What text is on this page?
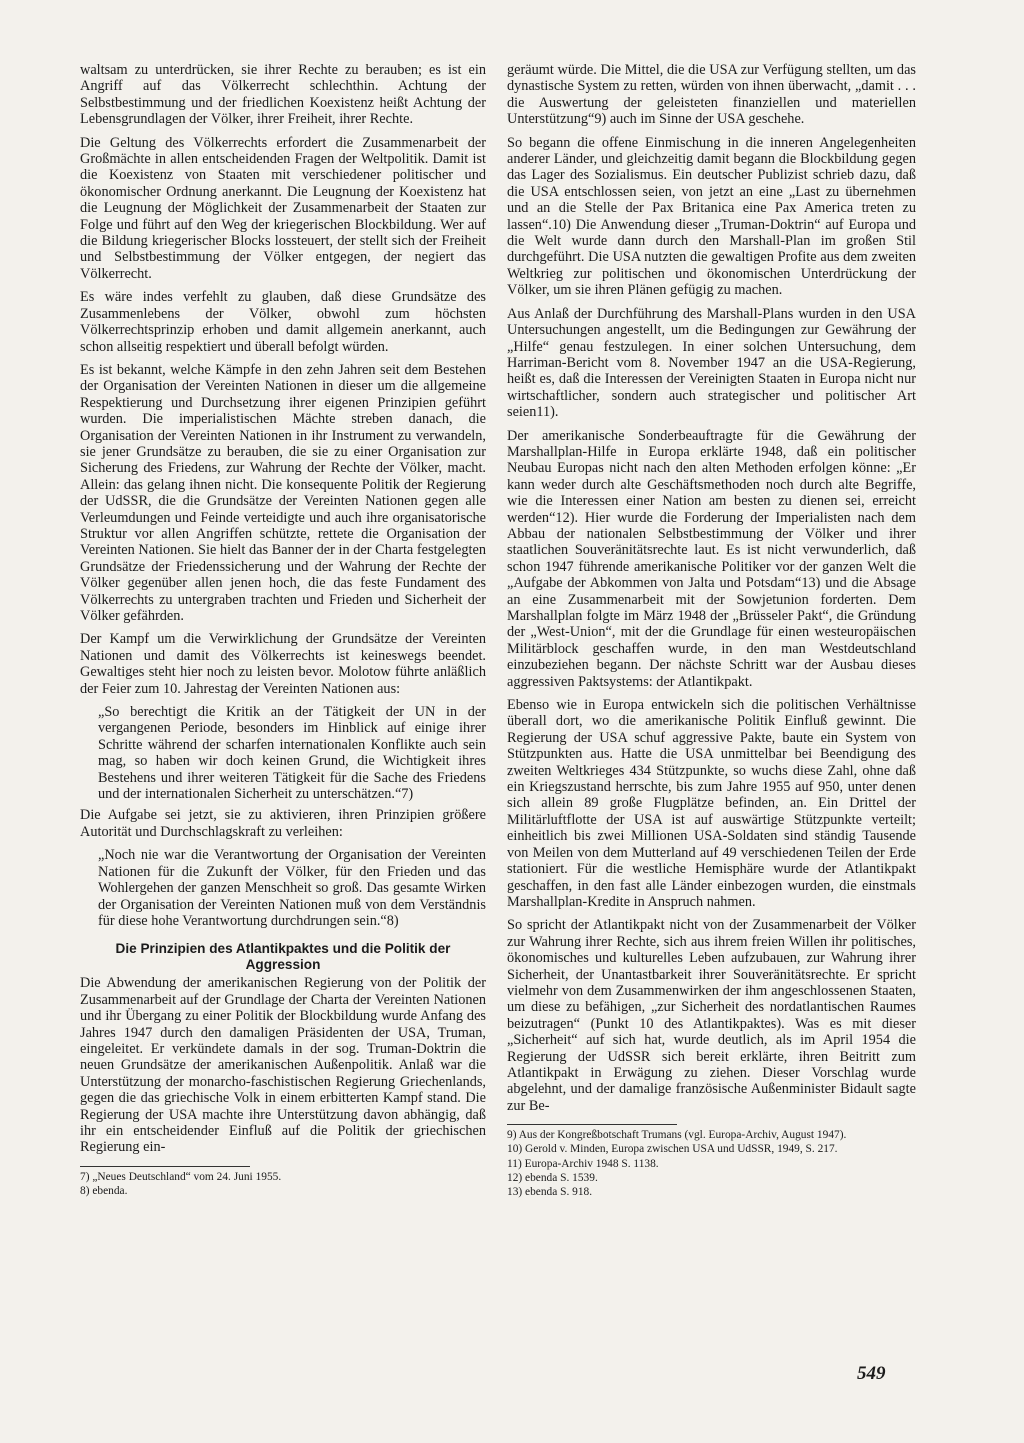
waltsam zu unterdrücken, sie ihrer Rechte zu berauben; es ist ein Angriff auf das Völkerrecht schlechthin. Achtung der Selbstbestimmung und der friedlichen Koexistenz heißt Achtung der Lebensgrundlagen der Völker, ihrer Freiheit, ihrer Rechte.

Die Geltung des Völkerrechts erfordert die Zusammenarbeit der Großmächte in allen entscheidenden Fragen der Weltpolitik. Damit ist die Koexistenz von Staaten mit verschiedener politischer und ökonomischer Ordnung anerkannt. Die Leugnung der Koexistenz hat die Leugnung der Möglichkeit der Zusammenarbeit der Staaten zur Folge und führt auf den Weg der kriegerischen Blockbildung. Wer auf die Bildung kriegerischer Blocks lossteuert, der stellt sich der Freiheit und Selbstbestimmung der Völker entgegen, der negiert das Völkerrecht.

Es wäre indes verfehlt zu glauben, daß diese Grundsätze des Zusammenlebens der Völker, obwohl zum höchsten Völkerrechtsprinzip erhoben und damit allgemein anerkannt, auch schon allseitig respektiert und überall befolgt würden.

Es ist bekannt, welche Kämpfe in den zehn Jahren seit dem Bestehen der Organisation der Vereinten Nationen in dieser um die allgemeine Respektierung und Durchsetzung ihrer eigenen Prinzipien geführt wurden. Die imperialistischen Mächte streben danach, die Organisation der Vereinten Nationen in ihr Instrument zu verwandeln, sie jener Grundsätze zu berauben, die sie zu einer Organisation zur Sicherung des Friedens, zur Wahrung der Rechte der Völker, macht. Allein: das gelang ihnen nicht. Die konsequente Politik der Regierung der UdSSR, die die Grundsätze der Vereinten Nationen gegen alle Verleumdungen und Feinde verteidigte und auch ihre organisatorische Struktur vor allen Angriffen schützte, rettete die Organisation der Vereinten Nationen. Sie hielt das Banner der in der Charta festgelegten Grundsätze der Friedenssicherung und der Wahrung der Rechte der Völker gegenüber allen jenen hoch, die das feste Fundament des Völkerrechts zu untergraben trachten und Frieden und Sicherheit der Völker gefährden.

Der Kampf um die Verwirklichung der Grundsätze der Vereinten Nationen und damit des Völkerrechts ist keineswegs beendet. Gewaltiges steht hier noch zu leisten bevor. Molotow führte anläßlich der Feier zum 10. Jahrestag der Vereinten Nationen aus:

„So berechtigt die Kritik an der Tätigkeit der UN in der vergangenen Periode, besonders im Hinblick auf einige ihrer Schritte während der scharfen internationalen Konflikte auch sein mag, so haben wir doch keinen Grund, die Wichtigkeit ihres Bestehens und ihrer weiteren Tätigkeit für die Sache des Friedens und der internationalen Sicherheit zu unterschätzen.“7)

Die Aufgabe sei jetzt, sie zu aktivieren, ihren Prinzipien größere Autorität und Durchschlagskraft zu verleihen:

„Noch nie war die Verantwortung der Organisation der Vereinten Nationen für die Zukunft der Völker, für den Frieden und das Wohlergehen der ganzen Menschheit so groß. Das gesamte Wirken der Organisation der Vereinten Nationen muß von dem Verständnis für diese hohe Verantwortung durchdrungen sein.“8)

Die Prinzipien des Atlantikpaktes und die Politik der Aggression

Die Abwendung der amerikanischen Regierung von der Politik der Zusammenarbeit auf der Grundlage der Charta der Vereinten Nationen und ihr Übergang zu einer Politik der Blockbildung wurde Anfang des Jahres 1947 durch den damaligen Präsidenten der USA, Truman, eingeleitet. Er verkündete damals in der sog. Truman-Doktrin die neuen Grundsätze der amerikanischen Außenpolitik. Anlaß war die Unterstützung der monarcho-faschistischen Regierung Griechenlands, gegen die das griechische Volk in einem erbitterten Kampf stand. Die Regierung der USA machte ihre Unterstützung davon abhängig, daß ihr ein entscheidender Einfluß auf die Politik der griechischen Regierung ein-

7) „Neues Deutschland“ vom 24. Juni 1955.

8) ebenda.

geräumt würde. Die Mittel, die die USA zur Verfügung stellten, um das dynastische System zu retten, würden von ihnen überwacht, „damit . . . die Auswertung der geleisteten finanziellen und materiellen Unterstützung“9) auch im Sinne der USA geschehe.

So begann die offene Einmischung in die inneren Angelegenheiten anderer Länder, und gleichzeitig damit begann die Blockbildung gegen das Lager des Sozialismus. Ein deutscher Publizist schrieb dazu, daß die USA entschlossen seien, von jetzt an eine „Last zu übernehmen und an die Stelle der Pax Britanica eine Pax America treten zu lassen“.10) Die Anwendung dieser „Truman-Doktrin“ auf Europa und die Welt wurde dann durch den Marshall-Plan im großen Stil durchgeführt. Die USA nutzten die gewaltigen Profite aus dem zweiten Weltkrieg zur politischen und ökonomischen Unterdrückung der Völker, um sie ihren Plänen gefügig zu machen.

Aus Anlaß der Durchführung des Marshall-Plans wurden in den USA Untersuchungen angestellt, um die Bedingungen zur Gewährung der „Hilfe“ genau festzulegen. In einer solchen Untersuchung, dem Harriman-Bericht vom 8. November 1947 an die USA-Regierung, heißt es, daß die Interessen der Vereinigten Staaten in Europa nicht nur wirtschaftlicher, sondern auch strategischer und politischer Art seien11).

Der amerikanische Sonderbeauftragte für die Gewährung der Marshallplan-Hilfe in Europa erklärte 1948, daß ein politischer Neubau Europas nicht nach den alten Methoden erfolgen könne: „Er kann weder durch alte Geschäftsmethoden noch durch alte Begriffe, wie die Interessen einer Nation am besten zu dienen sei, erreicht werden“12). Hier wurde die Forderung der Imperialisten nach dem Abbau der nationalen Selbstbestimmung der Völker und ihrer staatlichen Souveränitätsrechte laut. Es ist nicht verwunderlich, daß schon 1947 führende amerikanische Politiker vor der ganzen Welt die „Aufgabe der Abkommen von Jalta und Potsdam“13) und die Absage an eine Zusammenarbeit mit der Sowjetunion forderten. Dem Marshallplan folgte im März 1948 der „Brüsseler Pakt“, die Gründung der „West-Union“, mit der die Grundlage für einen westeuropäischen Militärblock geschaffen wurde, in den man Westdeutschland einzubeziehen begann. Der nächste Schritt war der Ausbau dieses aggressiven Paktsystems: der Atlantikpakt.

Ebenso wie in Europa entwickeln sich die politischen Verhältnisse überall dort, wo die amerikanische Politik Einfluß gewinnt. Die Regierung der USA schuf aggressive Pakte, baute ein System von Stützpunkten aus. Hatte die USA unmittelbar bei Beendigung des zweiten Weltkrieges 434 Stützpunkte, so wuchs diese Zahl, ohne daß ein Kriegszustand herrschte, bis zum Jahre 1955 auf 950, unter denen sich allein 89 große Flugplätze befinden, an. Ein Drittel der Militärluftflotte der USA ist auf auswärtige Stützpunkte verteilt; einheitlich bis zwei Millionen USA-Soldaten sind ständig Tausende von Meilen von dem Mutterland auf 49 verschiedenen Teilen der Erde stationiert. Für die westliche Hemisphäre wurde der Atlantikpakt geschaffen, in den fast alle Länder einbezogen wurden, die einstmals Marshallplan-Kredite in Anspruch nahmen.

So spricht der Atlantikpakt nicht von der Zusammenarbeit der Völker zur Wahrung ihrer Rechte, sich aus ihrem freien Willen ihr politisches, ökonomisches und kulturelles Leben aufzubauen, zur Wahrung ihrer Sicherheit, der Unantastbarkeit ihrer Souveränitätsrechte. Er spricht vielmehr von dem Zusammenwirken der ihm angeschlossenen Staaten, um diese zu befähigen, „zur Sicherheit des nordatlantischen Raumes beizutragen“ (Punkt 10 des Atlantikpaktes). Was es mit dieser „Sicherheit“ auf sich hat, wurde deutlich, als im April 1954 die Regierung der UdSSR sich bereit erklärte, ihren Beitritt zum Atlantikpakt in Erwägung zu ziehen. Dieser Vorschlag wurde abgelehnt, und der damalige französische Außenminister Bidault sagte zur Be-

9) Aus der Kongreßbotschaft Trumans (vgl. Europa-Archiv, August 1947).

10) Gerold v. Minden, Europa zwischen USA und UdSSR, 1949, S. 217.

11) Europa-Archiv 1948 S. 1138.

12) ebenda S. 1539.

13) ebenda S. 918.

549
